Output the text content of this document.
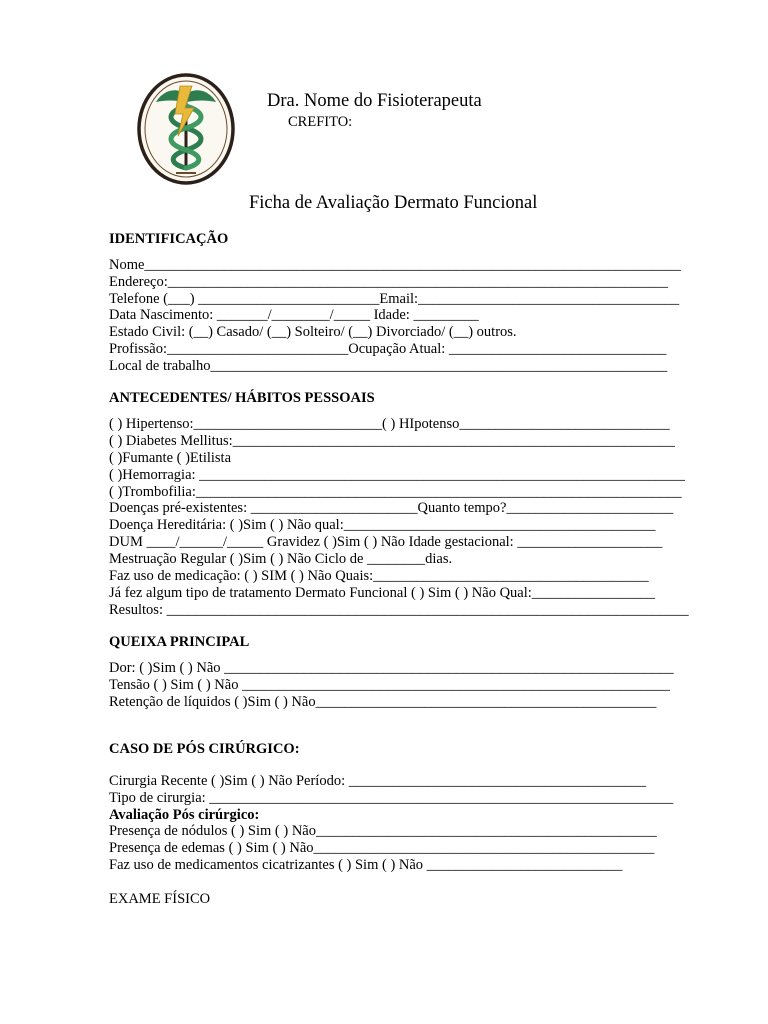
Dra. Nome do Fisioterapeuta
CREFITO:
Ficha de Avaliação Dermato Funcional
IDENTIFICAÇÃO
Nome__________________________________________________________________________
Endereço:_____________________________________________________________________
Telefone (___) _________________________Email:____________________________________
Data Nascimento: _______/________/_____ Idade: _________
Estado Civil: (__) Casado/ (__) Solteiro/ (__) Divorciado/ (__) outros.
Profissão:_________________________Ocupação Atual: ______________________________
Local de trabalho_______________________________________________________________
ANTECEDENTES/ HÁBITOS PESSOAIS
( ) Hipertenso:__________________________( ) HIpotenso_____________________________
( ) Diabetes Mellitus:_____________________________________________________________
( )Fumante ( )Etilista
( )Hemorragia: ___________________________________________________________________
( )Trombofilia:___________________________________________________________________
Doenças pré-existentes: _______________________Quanto tempo?_______________________
Doença Hereditária: ( )Sim ( ) Não qual:___________________________________________
DUM ____/______/_____ Gravidez ( )Sim ( ) Não Idade gestacional: ____________________
Mestruação Regular ( )Sim ( ) Não Ciclo de ________dias.
Faz uso de medicação: ( ) SIM ( ) Não Quais:______________________________________
Já fez algum tipo de tratamento Dermato Funcional ( ) Sim ( ) Não Qual:_________________
Resultos: ________________________________________________________________________
QUEIXA PRINCIPAL
Dor: ( )Sim ( ) Não ______________________________________________________________
Tensão ( ) Sim ( ) Não ___________________________________________________________
Retenção de líquidos ( )Sim ( ) Não_______________________________________________
CASO DE PÓS CIRÚRGICO:
Cirurgia Recente ( )Sim ( ) Não Período: _________________________________________
Tipo de cirurgia: ________________________________________________________________
Avaliação Pós cirúrgico:
Presença de nódulos ( ) Sim ( ) Não_______________________________________________
Presença de edemas ( ) Sim ( ) Não_______________________________________________
Faz uso de medicamentos cicatrizantes ( ) Sim ( ) Não ___________________________
EXAME FÍSICO
